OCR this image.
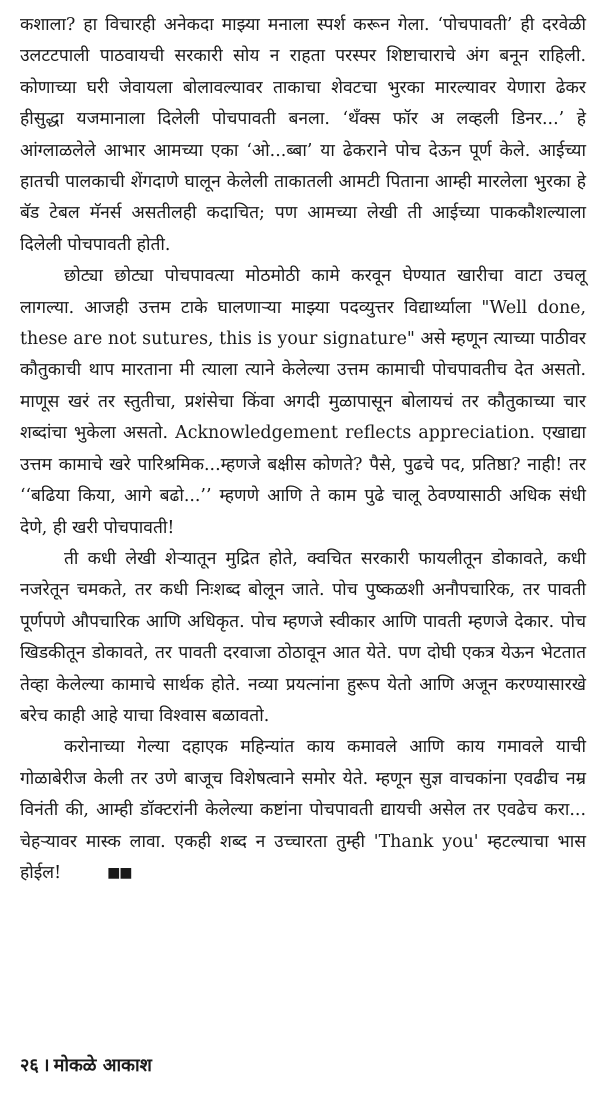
कशाला? हा विचारही अनेकदा माझ्या मनाला स्पर्श करून गेला. ‘पोचपावती’ ही दरवेळी उलटटपाली पाठवायची सरकारी सोय न राहता परस्पर शिष्टाचाराचे अंग बनून राहिली. कोणाच्या घरी जेवायला बोलावल्यावर ताकाचा शेवटचा भुरका मारल्यावर येणारा ढेकर हीसुद्धा यजमानाला दिलेली पोचपावती बनला. ‘थँक्स फॉर अ लव्हली डिनर...’ हे आंग्लाळलेले आभार आमच्या एका ‘ओ...ब्बा’ या ढेकराने पोच देऊन पूर्ण केले. आईच्या हातची पालकाची शेंगदाणे घालून केलेली ताकातली आमटी पिताना आम्ही मारलेला भुरका हे बॅड टेबल मॅनर्स असतीलही कदाचित; पण आमच्या लेखी ती आईच्या पाककौशल्याला दिलेली पोचपावती होती.

छोट्या छोट्या पोचपावत्या मोठमोठी कामे करवून घेण्यात खारीचा वाटा उचलू लागल्या. आजही उत्तम टाके घालणाऱ्या माझ्या पदव्युत्तर विद्यार्थ्याला "Well done, these are not sutures, this is your signature" असे म्हणून त्याच्या पाठीवर कौतुकाची थाप मारताना मी त्याला त्याने केलेल्या उत्तम कामाची पोचपावतीच देत असतो. माणूस खरं तर स्तुतीचा, प्रशंसेचा किंवा अगदी मुळापासून बोलायचं तर कौतुकाच्या चार शब्दांचा भुकेला असतो. Acknowledgement reflects appreciation. एखाद्या उत्तम कामाचे खरे पारिश्रमिक...म्हणजे बक्षीस कोणते? पैसे, पुढचे पद, प्रतिष्ठा? नाही! तर ‘‘बढिया किया, आगे बढो...’’ म्हणणे आणि ते काम पुढे चालू ठेवण्यासाठी अधिक संधी देणे, ही खरी पोचपावती!

ती कधी लेखी शेऱ्यातून मुद्रित होते, क्वचित सरकारी फायलीतून डोकावते, कधी नजरेतून चमकते, तर कधी निःशब्द बोलून जाते. पोच पुष्कळशी अनौपचारिक, तर पावती पूर्णपणे औपचारिक आणि अधिकृत. पोच म्हणजे स्वीकार आणि पावती म्हणजे देकार. पोच खिडकीतून डोकावते, तर पावती दरवाजा ठोठावून आत येते. पण दोघी एकत्र येऊन भेटतात तेव्हा केलेल्या कामाचे सार्थक होते. नव्या प्रयत्नांना हुरूप येतो आणि अजून करण्यासारखे बरेच काही आहे याचा विश्वास बळावतो.

करोनाच्या गेल्या दहाएक महिन्यांत काय कमावले आणि काय गमावले याची गोळाबेरीज केली तर उणे बाजूच विशेषत्वाने समोर येते. म्हणून सुज्ञ वाचकांना एवढीच नम्र विनंती की, आम्ही डॉक्टरांनी केलेल्या कष्टांना पोचपावती द्यायची असेल तर एवढेच करा... चेहऱ्यावर मास्क लावा. एकही शब्द न उच्चारता तुम्ही 'Thank you' म्हटल्याचा भास होईल!	■■

२६ । मोकळे आकाश
